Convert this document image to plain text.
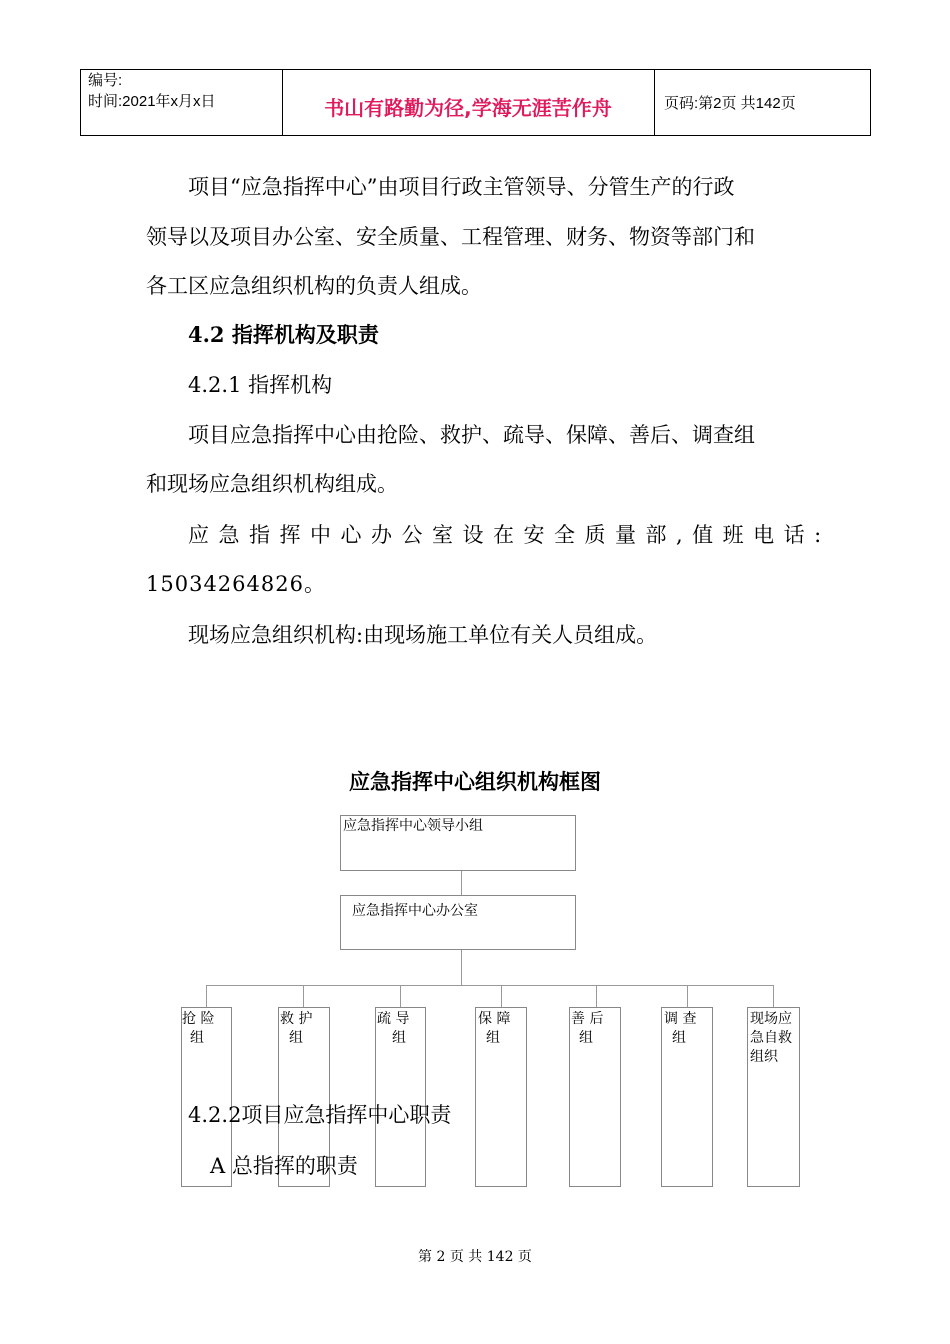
编号:
时间:2021年x月x日	书山有路勤为径,学海无涯苦作舟	页码:第2页 共142页
项目“应急指挥中心”由项目行政主管领导、分管生产的行政
领导以及项目办公室、安全质量、工程管理、财务、物资等部门和
各工区应急组织机构的负责人组成。
4.2 指挥机构及职责
4.2.1 指挥机构
项目应急指挥中心由抢险、救护、疏导、保障、善后、调查组
和现场应急组织机构组成。
应急指挥中心办公室设在安全质量部,值班电话:
15034264826。
现场应急组织机构:由现场施工单位有关人员组成。
应急指挥中心组织机构框图
应急指挥中心领导小组
应急指挥中心办公室
抢 险
组
救 护
组
疏 导
组
保 障
组
善 后
组
调 查
组
现场应
急自救
组织
4.2.2项目应急指挥中心职责
A 总指挥的职责
第 2 页 共 142 页
